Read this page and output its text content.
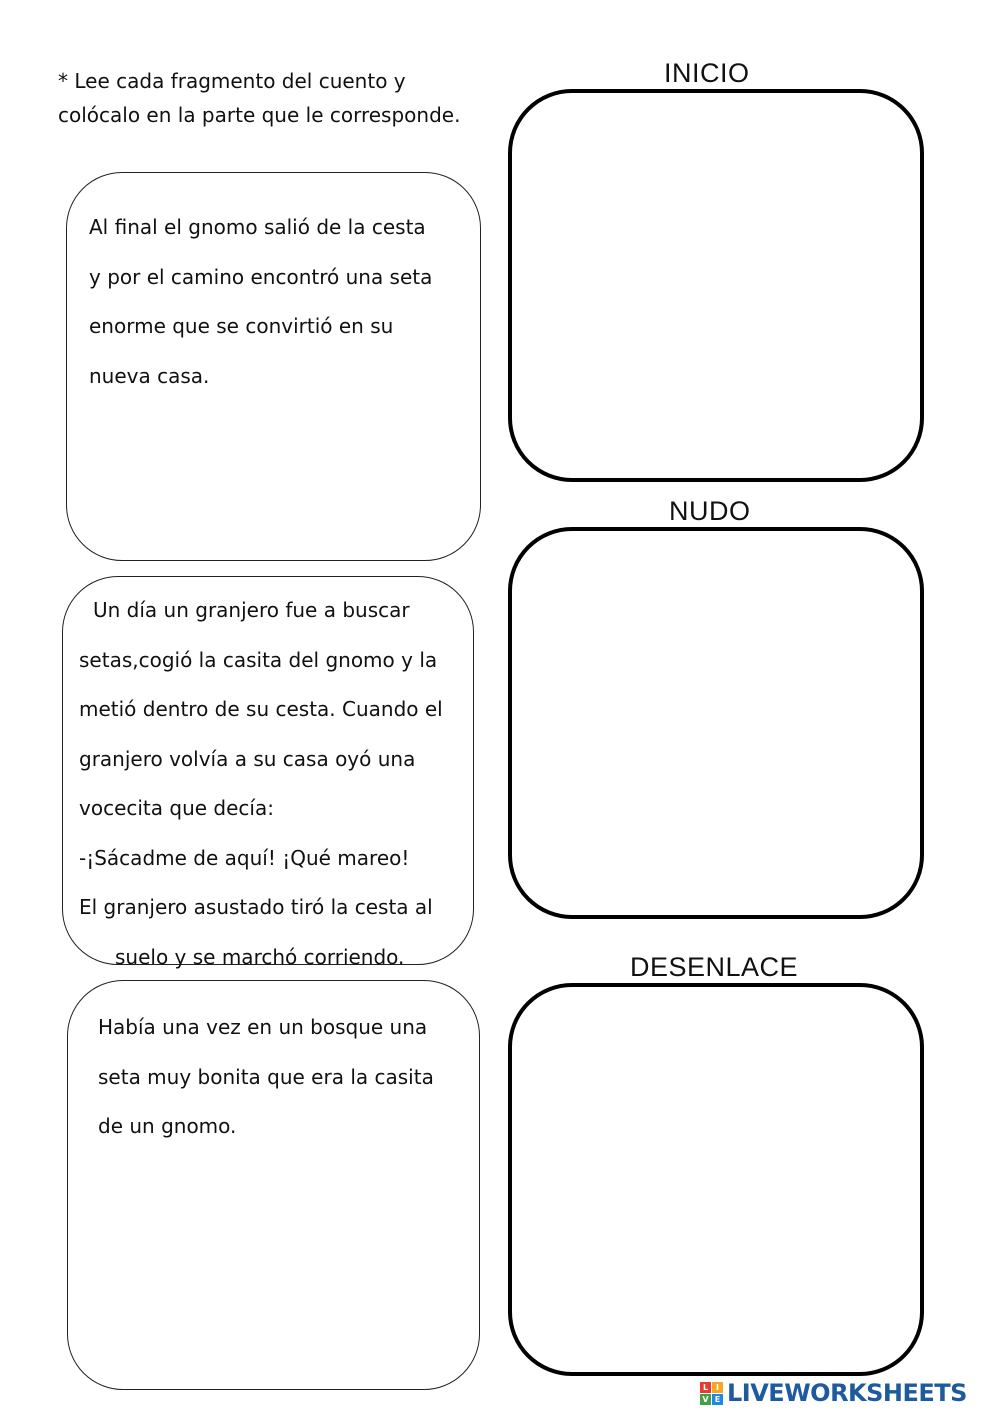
* Lee cada fragmento del cuento y
colócalo en la parte que le corresponde.
Al final el gnomo salió de la cesta
y por el camino encontró una seta
enorme que se convirtió en su
nueva casa.
Un día un granjero fue a buscar
setas,cogió la casita del gnomo y la
metió dentro de su cesta. Cuando el
granjero volvía a su casa oyó una
vocecita que decía:
-¡Sácadme de aquí! ¡Qué mareo!
El granjero asustado tiró la cesta al
suelo y se marchó corriendo.
Había una vez en un bosque una
seta muy bonita que era la casita
de un gnomo.
INICIO
NUDO
DESENLACE
L I
V E LIVEWORKSHEETS
